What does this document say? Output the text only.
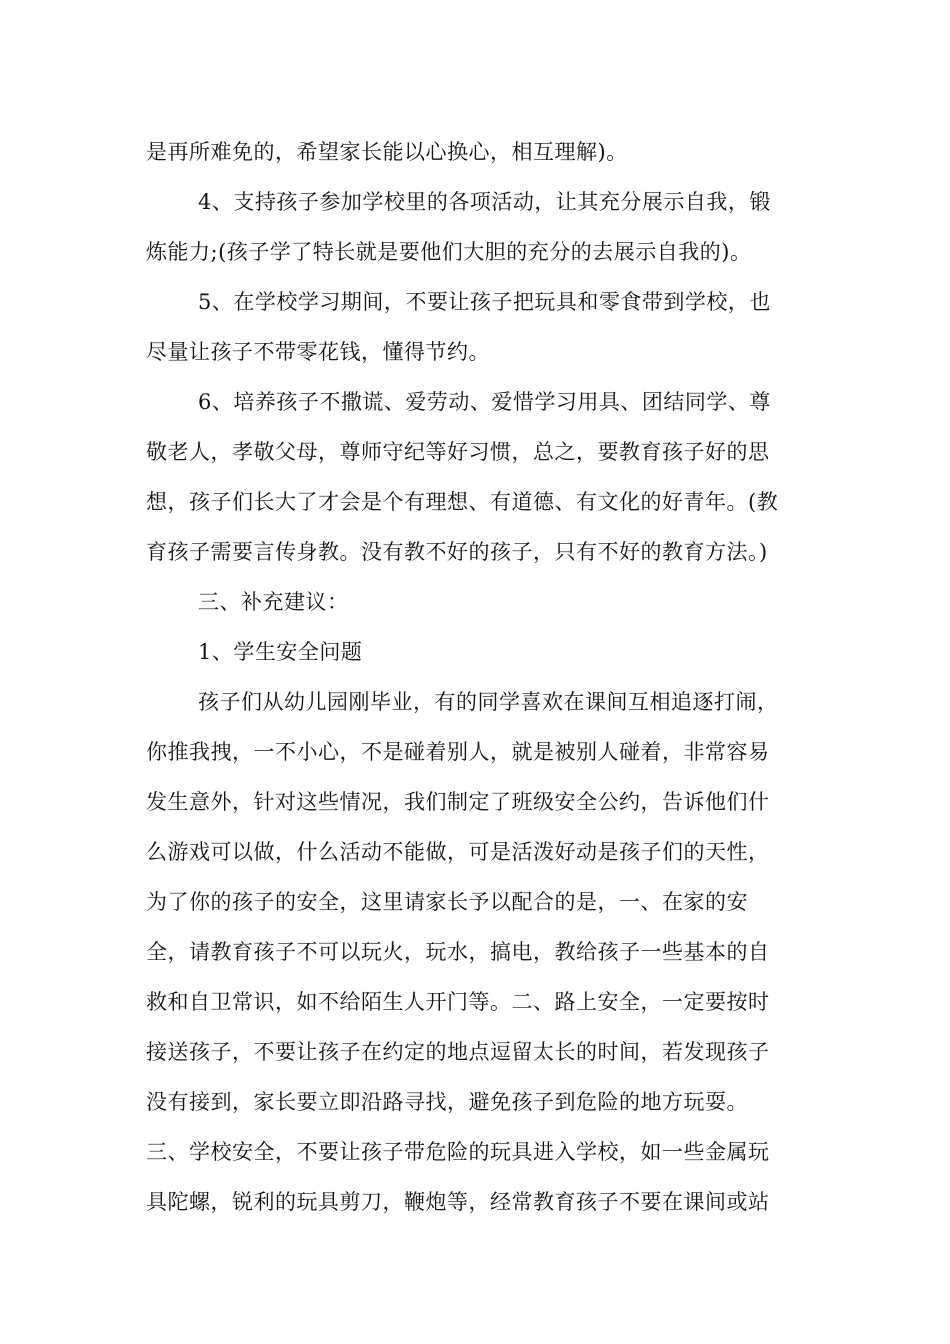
是再所难免的，希望家长能以心换心，相互理解)。
4、支持孩子参加学校里的各项活动，让其充分展示自我，锻
炼能力;(孩子学了特长就是要他们大胆的充分的去展示自我的)。
5、在学校学习期间，不要让孩子把玩具和零食带到学校，也
尽量让孩子不带零花钱，懂得节约。
6、培养孩子不撒谎、爱劳动、爱惜学习用具、团结同学、尊
敬老人，孝敬父母，尊师守纪等好习惯，总之，要教育孩子好的思
想，孩子们长大了才会是个有理想、有道德、有文化的好青年。(教
育孩子需要言传身教。没有教不好的孩子，只有不好的教育方法。)
三、补充建议：
1、学生安全问题
孩子们从幼儿园刚毕业，有的同学喜欢在课间互相追逐打闹，
你推我拽，一不小心，不是碰着别人，就是被别人碰着，非常容易
发生意外，针对这些情况，我们制定了班级安全公约，告诉他们什
么游戏可以做，什么活动不能做，可是活泼好动是孩子们的天性，
为了你的孩子的安全，这里请家长予以配合的是，一、在家的安
全，请教育孩子不可以玩火，玩水，搞电，教给孩子一些基本的自
救和自卫常识，如不给陌生人开门等。二、路上安全，一定要按时
接送孩子，不要让孩子在约定的地点逗留太长的时间，若发现孩子
没有接到，家长要立即沿路寻找，避免孩子到危险的地方玩耍。
三、学校安全，不要让孩子带危险的玩具进入学校，如一些金属玩
具陀螺，锐利的玩具剪刀，鞭炮等，经常教育孩子不要在课间或站
